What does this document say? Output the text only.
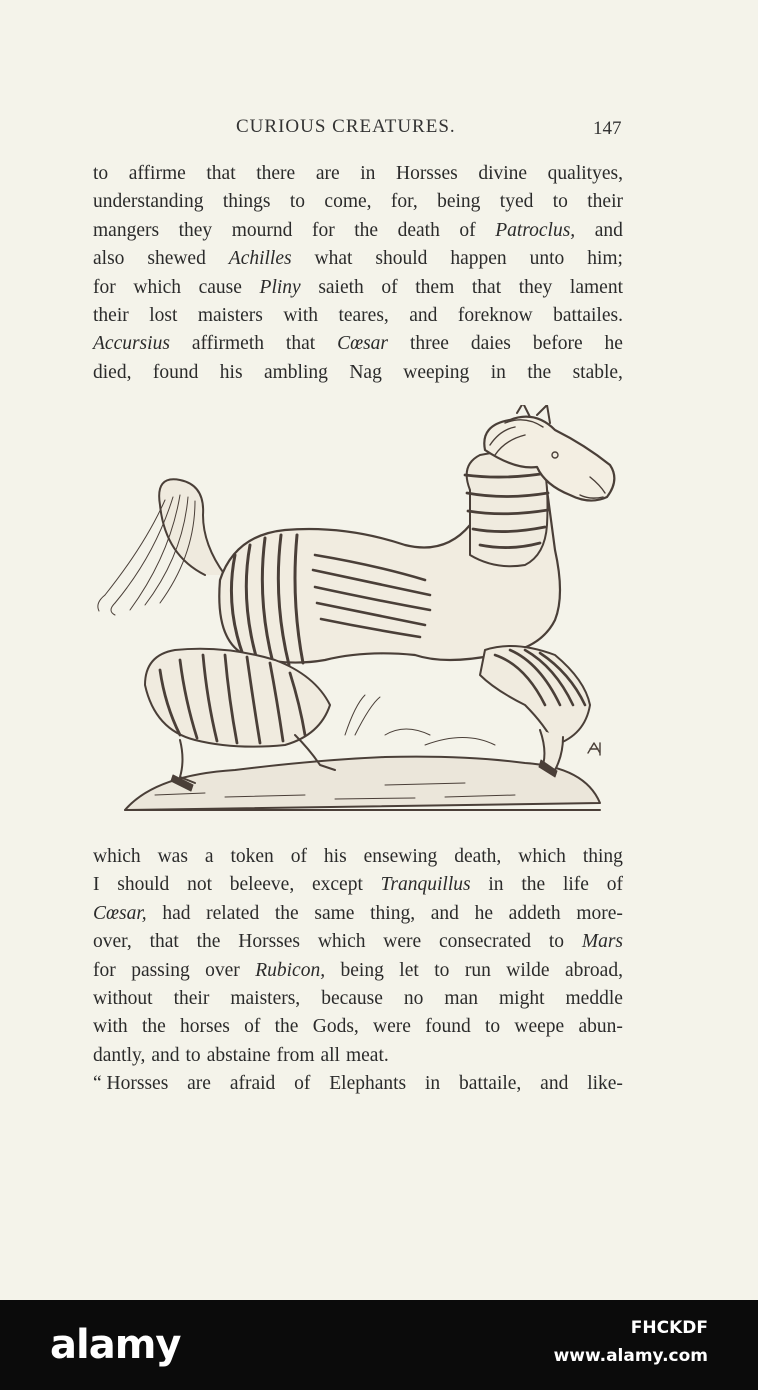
CURIOUS CREATURES.	147
to affirme that there are in Horsses divine qualityes,
understanding things to come, for, being tyed to their
mangers they mournd for the death of Patroclus, and
also shewed Achilles what should happen unto him;
for which cause Pliny saieth of them that they lament
their lost maisters with teares, and foreknow battailes.
Accursius affirmeth that Cœsar three daies before he
died, found his ambling Nag weeping in the stable,
which was a token of his ensewing death, which thing
I should not beleeve, except Tranquillus in the life of
Cœsar, had related the same thing, and he addeth more-
over, that the Horsses which were consecrated to Mars
for passing over Rubicon, being let to run wilde abroad,
without their maisters, because no man might meddle
with the horses of the Gods, were found to weepe abun-
dantly, and to abstaine from all meat.
“ Horsses are afraid of Elephants in battaile, and like-
alamy	FHCKDF
www.alamy.com
